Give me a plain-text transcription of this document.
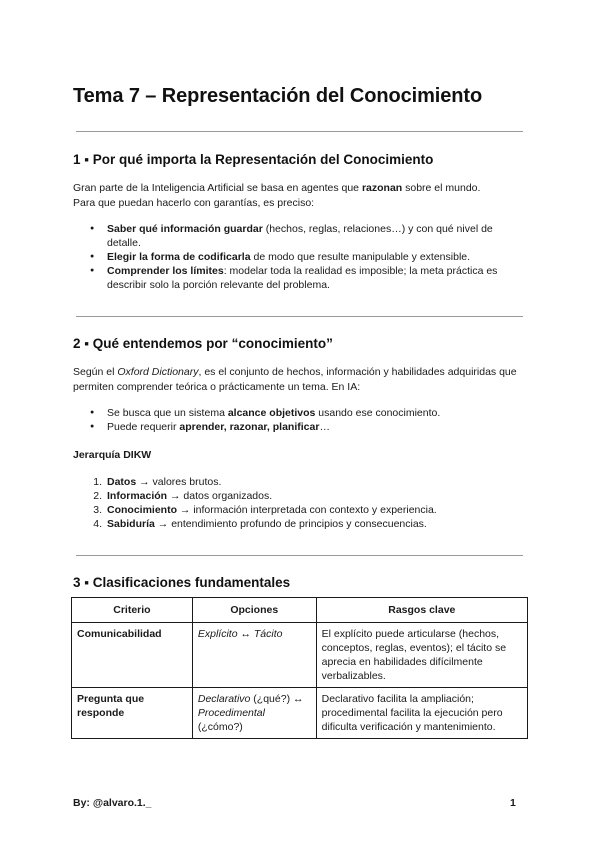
Tema 7 – Representación del Conocimiento
1 ▪ Por qué importa la Representación del Conocimiento

Gran parte de la Inteligencia Artificial se basa en agentes que razonan sobre el mundo.
Para que puedan hacerlo con garantías, es preciso:

● Saber qué información guardar (hechos, reglas, relaciones…) y con qué nivel de detalle.
● Elegir la forma de codificarla de modo que resulte manipulable y extensible.
● Comprender los límites: modelar toda la realidad es imposible; la meta práctica es describir solo la porción relevante del problema.
2 ▪ Qué entendemos por “conocimiento”

Según el Oxford Dictionary, es el conjunto de hechos, información y habilidades adquiridas que permiten comprender teórica o prácticamente un tema. En IA:

● Se busca que un sistema alcance objetivos usando ese conocimiento.
● Puede requerir aprender, razonar, planificar…

Jerarquía DIKW

1. Datos → valores brutos.
2. Información → datos organizados.
3. Conocimiento → información interpretada con contexto y experiencia.
4. Sabiduría → entendimiento profundo de principios y consecuencias.
3 ▪ Clasificaciones fundamentales
Criterio	Opciones	Rasgos clave
Comunicabilidad	Explícito ↔ Tácito	El explícito puede articularse (hechos, conceptos, reglas, eventos); el tácito se aprecia en habilidades difícilmente verbalizables.
Pregunta que responde	Declarativo (¿qué?) ↔ Procedimental (¿cómo?)	Declarativo facilita la ampliación; procedimental facilita la ejecución pero dificulta verificación y mantenimiento.
By: @alvaro.1._	1
